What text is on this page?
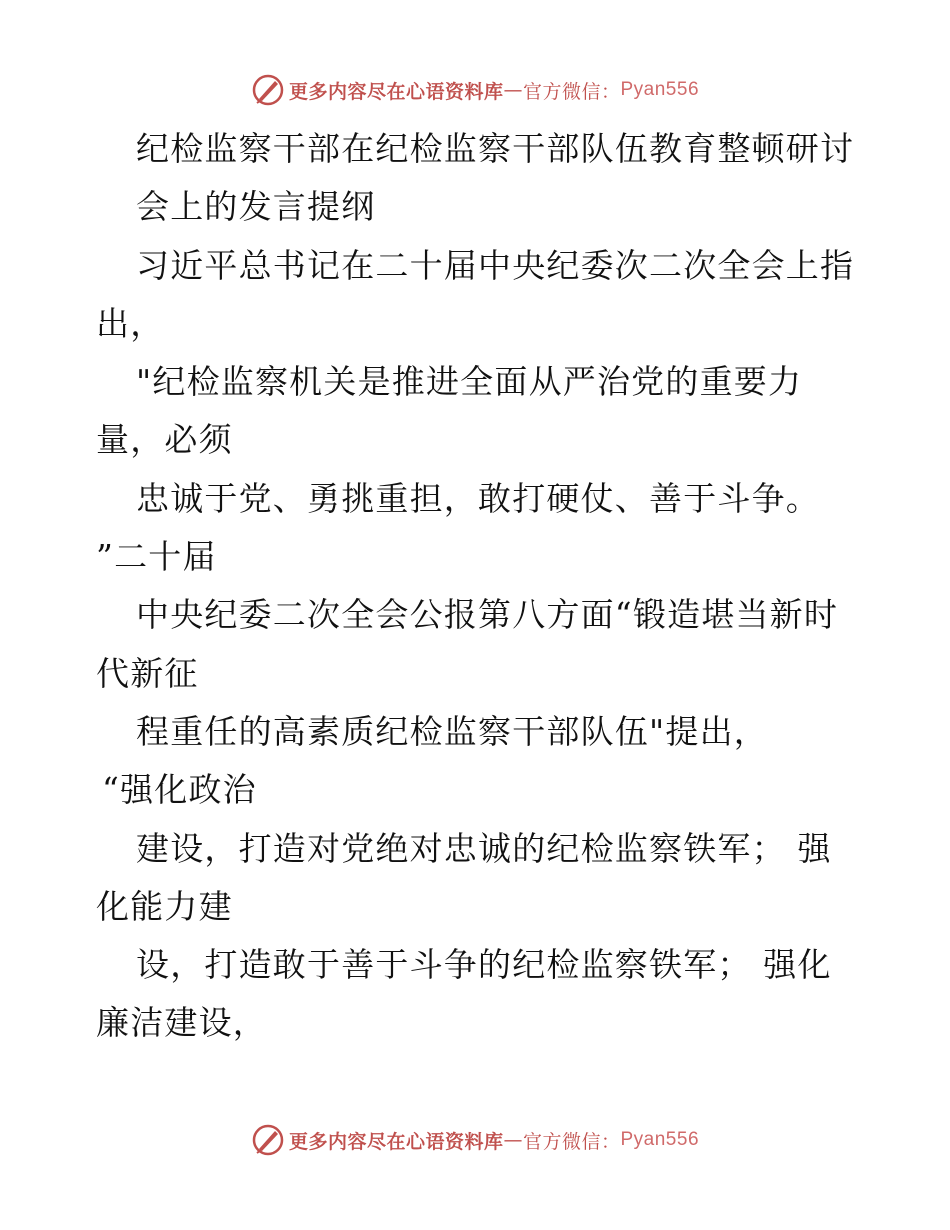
更多内容尽在心语资料库 — 官方微信： Pyan556
纪检监察干部在纪检监察干部队伍教育整顿研讨
会上的发言提纲
习近平总书记在二十届中央纪委次二次全会上指
出，
"纪检监察机关是推进全面从严治党的重要力
量，必须
忠诚于党、勇挑重担，敢打硬仗、善于斗争。
”二十届
中央纪委二次全会公报第八方面“锻造堪当新时
代新征
程重任的高素质纪检监察干部队伍"提出，
“强化政治
建设，打造对党绝对忠诚的纪检监察铁军； 强
化能力建
设，打造敢于善于斗争的纪检监察铁军； 强化
廉洁建设，
更多内容尽在心语资料库 — 官方微信： Pyan556
